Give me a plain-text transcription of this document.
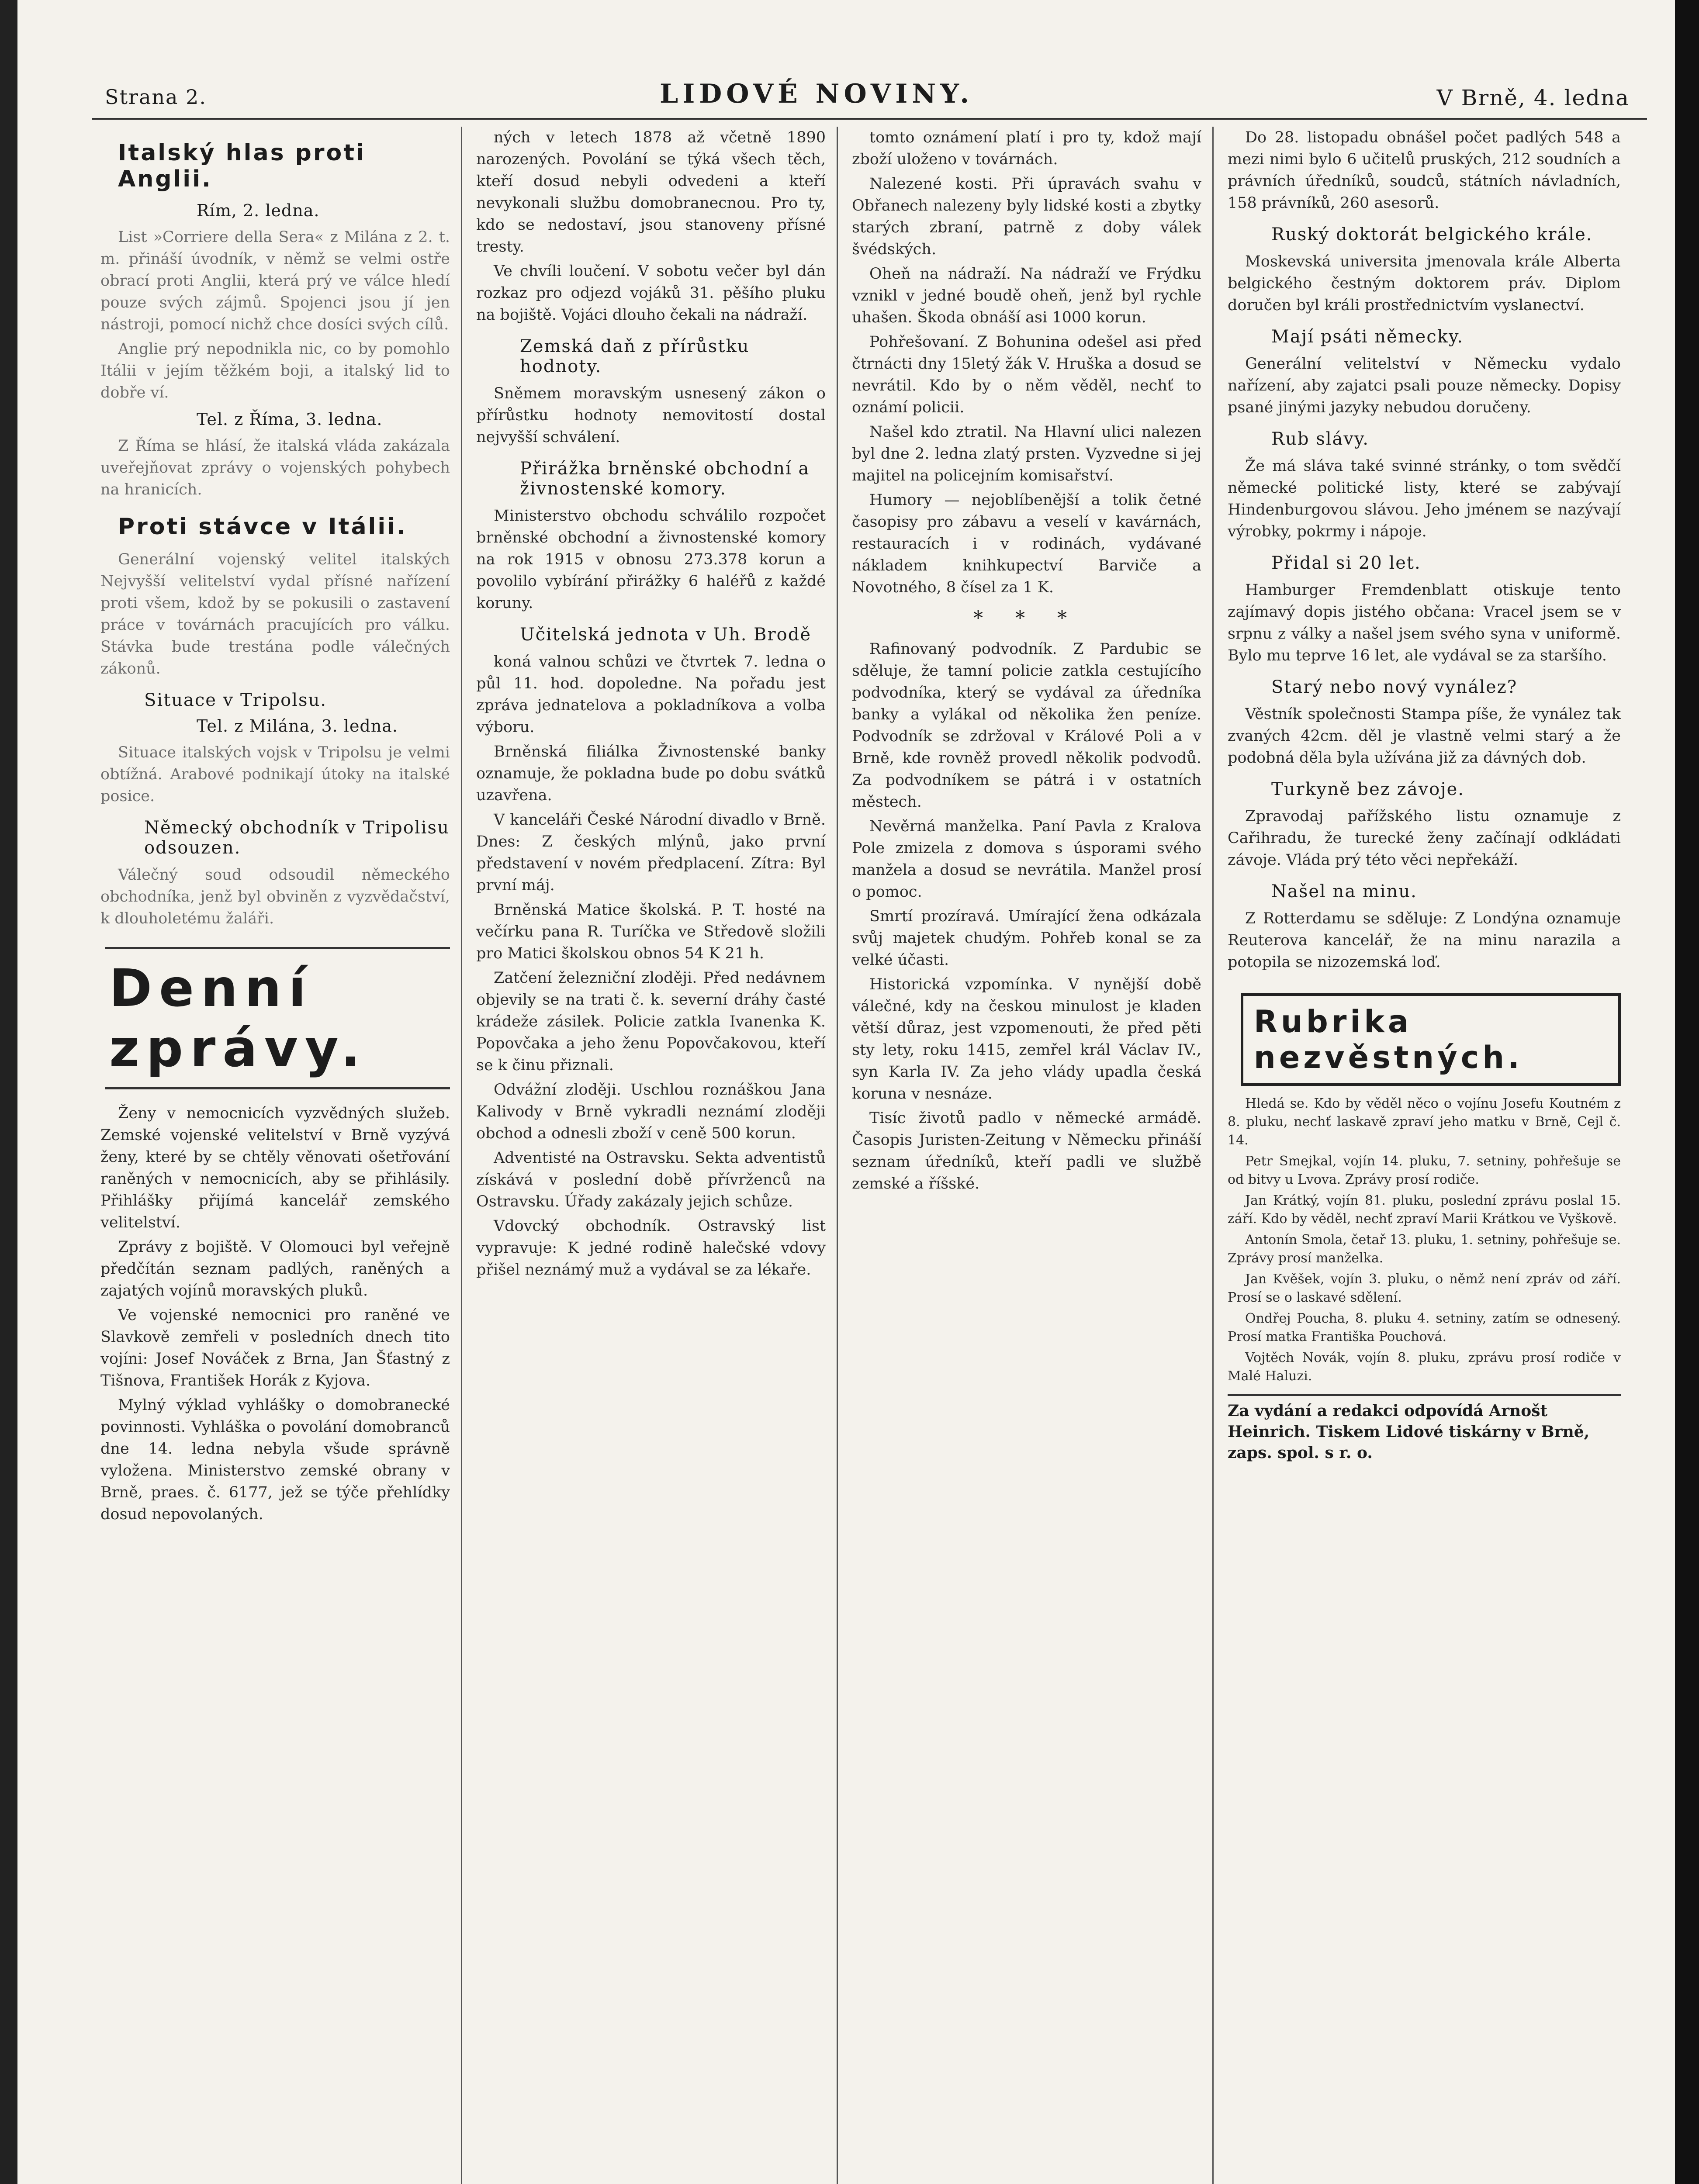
Strana 2.	LIDOVÉ NOVINY.	V Brně, 4. ledna
Italský hlas proti Anglii.
Rím, 2. ledna.

List »Corriere della Sera« z Milána z 2. t. m. přináší úvodník, v němž se velmi ostře obrací proti Anglii, která prý ve válce hledí pouze svých zájmů. Spojenci jsou jí jen nástroji, pomocí nichž chce dosíci svých cílů.

Anglie prý nepodnikla nic, co by pomohlo Itálii v jejím těžkém boji, a italský lid to dobře ví.

Tel. z Říma, 3. ledna.

Z Říma se hlásí, že italská vláda zakázala uveřejňovat zprávy o vojenských pohybech na hranicích.

Proti stávce v Itálii.

Generální vojenský velitel italských Nejvyšší velitelství vydal přísné nařízení proti všem, kdož by se pokusili o zastavení práce v továrnách pracujících pro válku. Stávka bude trestána podle válečných zákonů.

Situace v Tripolsu.
Tel. z Milána, 3. ledna.

Situace italských vojsk v Tripolsu je velmi obtížná. Arabové podnikají útoky na italské posice.

Německý obchodník v Tripolisu odsouzen.

Válečný soud odsoudil německého obchodníka, jenž byl obviněn z vyzvědačství, k dlouholetému žaláři.

Denní zprávy.

Ženy v nemocnicích vyzvědných služeb. Zemské vojenské velitelství v Brně vyzývá ženy, které by se chtěly věnovati ošetřování raněných v nemocnicích, aby se přihlásily. Přihlášky přijímá kancelář zemského velitelství.

Zprávy z bojiště. V Olomouci byl veřejně předčítán seznam padlých, raněných a zajatých vojínů moravských pluků.

Ve vojenské nemocnici pro raněné ve Slavkově zemřeli v posledních dnech tito vojíni: Josef Nováček z Brna, Jan Šťastný z Tišnova, František Horák z Kyjova.

Mylný výklad vyhlášky o domobranecké povinnosti. Vyhláška o povolání domobranců dne 14. ledna nebyla všude správně vyložena. Ministerstvo zemské obrany v Brně, praes. č. 6177, jež se týče přehlídky dosud nepovolaných.

ných v letech 1878 až včetně 1890 narozených. Povolání se týká všech těch, kteří dosud nebyli odvedeni a kteří nevykonali službu domobranecnou. Pro ty, kdo se nedostaví, jsou stanoveny přísné tresty.

Ve chvíli loučení. V sobotu večer byl dán rozkaz pro odjezd vojáků 31. pěšího pluku na bojiště. Vojáci dlouho čekali na nádraží.

Zemská daň z přírůstku hodnoty.

Sněmem moravským usnesený zákon o přírůstku hodnoty nemovitostí dostal nejvyšší schválení.

Přirážka brněnské obchodní a živnostenské komory.

Ministerstvo obchodu schválilo rozpočet brněnské obchodní a živnostenské komory na rok 1915 v obnosu 273.378 korun a povolilo vybírání přirážky 6 haléřů z každé koruny.

Učitelská jednota v Uh. Brodě

koná valnou schůzi ve čtvrtek 7. ledna o půl 11. hod. dopoledne. Na pořadu jest zpráva jednatelova a pokladníkova a volba výboru.

Brněnská filiálka Živnostenské banky oznamuje, že pokladna bude po dobu svátků uzavřena.

V kanceláři České Národní divadlo v Brně. Dnes: Z českých mlýnů, jako první představení v novém předplacení. Zítra: Byl první máj.

Brněnská Matice školská. P. T. hosté na večírku pana R. Turíčka ve Středově složili pro Matici školskou obnos 54 K 21 h.

Zatčení železniční zloději. Před nedávnem objevily se na trati č. k. severní dráhy časté krádeže zásilek. Policie zatkla Ivanenka K. Popovčaka a jeho ženu Popovčakovou, kteří se k činu přiznali.

Odvážní zloději. Uschlou roznáškou Jana Kalivody v Brně vykradli neznámí zloději obchod a odnesli zboží v ceně 500 korun.

Adventisté na Ostravsku. Sekta adventistů získává v poslední době přívrženců na Ostravsku. Úřady zakázaly jejich schůze.

Vdovcký obchodník. Ostravský list vypravuje: K jedné rodině halečské vdovy přišel neznámý muž a vydával se za lékaře.

tomto oznámení platí i pro ty, kdož mají zboží uloženo v továrnách.

Nalezené kosti. Při úpravách svahu v Obřanech nalezeny byly lidské kosti a zbytky starých zbraní, patrně z doby válek švédských.

Oheň na nádraží. Na nádraží ve Frýdku vznikl v jedné boudě oheň, jenž byl rychle uhašen. Škoda obnáší asi 1000 korun.

Pohřešovaní. Z Bohunina odešel asi před čtrnácti dny 15letý žák V. Hruška a dosud se nevrátil. Kdo by o něm věděl, nechť to oznámí policii.

Našel kdo ztratil. Na Hlavní ulici nalezen byl dne 2. ledna zlatý prsten. Vyzvedne si jej majitel na policejním komisařství.

Humory — nejoblíbenější a tolik četné časopisy pro zábavu a veselí v kavárnách, restauracích i v rodinách, vydávané nákladem knihkupectví Barviče a Novotného, 8 čísel za 1 K.

* * *

Rafinovaný podvodník. Z Pardubic se sděluje, že tamní policie zatkla cestujícího podvodníka, který se vydával za úředníka banky a vylákal od několika žen peníze. Podvodník se zdržoval v Králové Poli a v Brně, kde rovněž provedl několik podvodů. Za podvodníkem se pátrá i v ostatních městech.

Nevěrná manželka. Paní Pavla z Kralova Pole zmizela z domova s úsporami svého manžela a dosud se nevrátila. Manžel prosí o pomoc.

Smrtí prozíravá. Umírající žena odkázala svůj majetek chudým. Pohřeb konal se za velké účasti.

Historická vzpomínka. V nynější době válečné, kdy na českou minulost je kladen větší důraz, jest vzpomenouti, že před pěti sty lety, roku 1415, zemřel král Václav IV., syn Karla IV. Za jeho vlády upadla česká koruna v nesnáze.

Tisíc životů padlo v německé armádě. Časopis Juristen-Zeitung v Německu přináší seznam úředníků, kteří padli ve službě zemské a říšské.

Do 28. listopadu obnášel počet padlých 548 a mezi nimi bylo 6 učitelů pruských, 212 soudních a právních úředníků, soudců, státních návladních, 158 právníků, 260 asesorů.

Ruský doktorát belgického krále.

Moskevská universita jmenovala krále Alberta belgického čestným doktorem práv. Diplom doručen byl králi prostřednictvím vyslanectví.

Mají psáti německy.

Generální velitelství v Německu vydalo nařízení, aby zajatci psali pouze německy. Dopisy psané jinými jazyky nebudou doručeny.

Rub slávy.

Že má sláva také svinné stránky, o tom svědčí německé politické listy, které se zabývají Hindenburgovou slávou. Jeho jménem se nazývají výrobky, pokrmy i nápoje.

Přidal si 20 let.

Hamburger Fremdenblatt otiskuje tento zajímavý dopis jistého občana: Vracel jsem se v srpnu z války a našel jsem svého syna v uniformě. Bylo mu teprve 16 let, ale vydával se za staršího.

Starý nebo nový vynález?

Věstník společnosti Stampa píše, že vynález tak zvaných 42cm. děl je vlastně velmi starý a že podobná děla byla užívána již za dávných dob.

Turkyně bez závoje.

Zpravodaj pařížského listu oznamuje z Cařihradu, že turecké ženy začínají odkládati závoje. Vláda prý této věci nepřekáží.

Našel na minu.

Z Rotterdamu se sděluje: Z Londýna oznamuje Reuterova kancelář, že na minu narazila a potopila se nizozemská loď.

Rubrika nezvěstných.

Hledá se. Kdo by věděl něco o vojínu Josefu Koutném z 8. pluku, nechť laskavě zpraví jeho matku v Brně, Cejl č. 14.

Petr Smejkal, vojín 14. pluku, 7. setniny, pohřešuje se od bitvy u Lvova. Zprávy prosí rodiče.

Jan Krátký, vojín 81. pluku, poslední zprávu poslal 15. září. Kdo by věděl, nechť zpraví Marii Krátkou ve Vyškově.

Antonín Smola, četař 13. pluku, 1. setniny, pohřešuje se. Zprávy prosí manželka.

Jan Kvěšek, vojín 3. pluku, o němž není zpráv od září. Prosí se o laskavé sdělení.

Ondřej Poucha, 8. pluku 4. setniny, zatím se odnesený. Prosí matka Františka Pouchová.

Vojtěch Novák, vojín 8. pluku, zprávu prosí rodiče v Malé Haluzi.

Za vydání a redakci odpovídá Arnošt Heinrich. Tiskem Lidové tiskárny v Brně, zaps. spol. s r. o.
